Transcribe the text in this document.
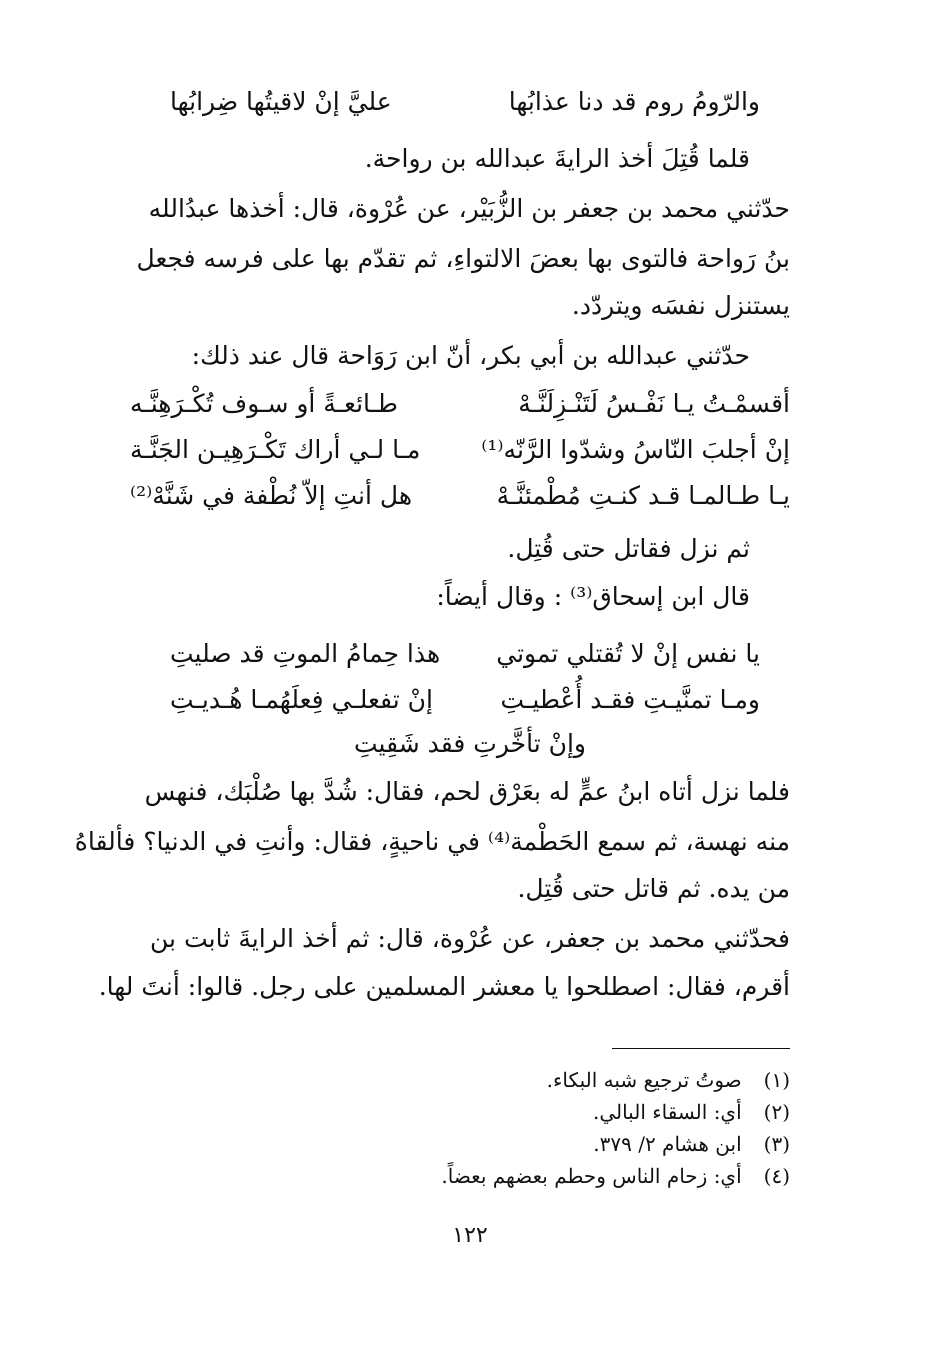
والرّومُ روم قد دنا عذابُها
عليَّ إنْ لاقيتُها ضِرابُها
قلما قُتِلَ أخذ الرايةَ عبدالله بن رواحة.
حدّثني محمد بن جعفر بن الزُّبَيْر، عن عُرْوة، قال: أخذها عبدُالله
بنُ رَواحة فالتوى بها بعضَ الالتواءِ، ثم تقدّم بها على فرسه فجعل
يستنزل نفسَه ويتردّد.
حدّثني عبدالله بن أبي بكر، أنّ ابن رَوَاحة قال عند ذلك:
أقسمْـتُ يـا نَفْـسُ لَتَنْـزِلَنَّـهْ
طـائعـةً أو سـوف تُكْـرَهِنَّـه
إنْ أجلبَ النّاسُ وشدّوا الرَّنّه⁽¹⁾
مـا لـي أراك تَكْـرَهِيـن الجَنَّـة
يـا طـالمـا قـد كنـتِ مُطْمئنَّـهْ
هل أنتِ إلاّ نُطْفة في شَنَّهْ⁽²⁾
ثم نزل فقاتل حتى قُتِل.
قال ابن إسحاق⁽³⁾ : وقال أيضاً:
يا نفس إنْ لا تُقتلي تموتي
هذا حِمامُ الموتِ قد صليتِ
ومـا تمنَّيـتِ فقـد أُعْطيـتِ
إنْ تفعلـي فِعلَهُمـا هُـديـتِ
وإنْ تأخَّرتِ فقد شَقِيتِ
فلما نزل أتاه ابنُ عمٍّ له بعَرْق لحم، فقال: شُدَّ بها صُلْبَك، فنهس
منه نهسة، ثم سمع الحَطْمة⁽⁴⁾ في ناحيةٍ، فقال: وأنتِ في الدنيا؟ فألقاهُ
من يده. ثم قاتل حتى قُتِل.
فحدّثني محمد بن جعفر، عن عُرْوة، قال: ثم أخذ الرايةَ ثابت بن
أقرم، فقال: اصطلحوا يا معشر المسلمين على رجل. قالوا: أنتَ لها.
(١) صوتُ ترجيع شبه البكاء.
(٢) أي: السقاء البالي.
(٣) ابن هشام ٢/ ٣٧٩.
(٤) أي: زحام الناس وحطم بعضهم بعضاً.
١٢٢
